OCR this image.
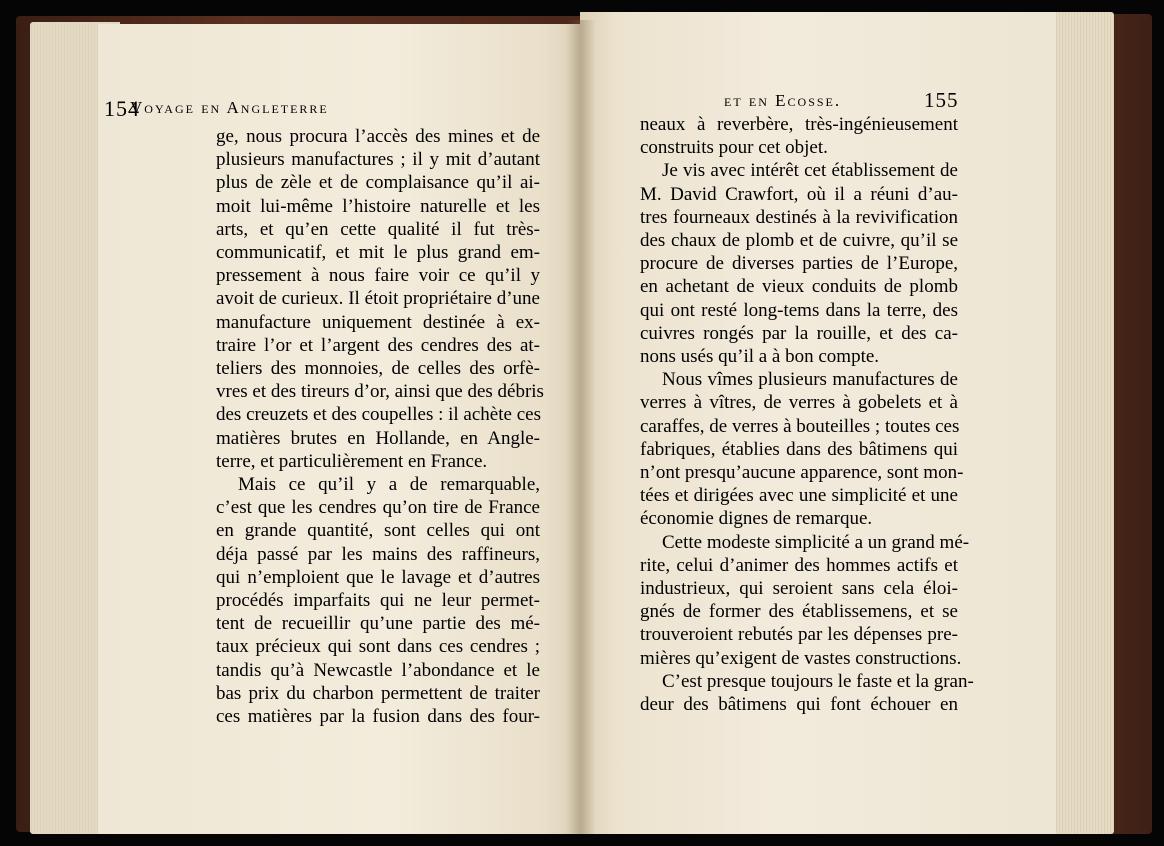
154
Voyage en Angleterre	et en Ecosse.	155
ge, nous procura l’accès des mines et de
plusieurs manufactures ; il y mit d’autant
plus de zèle et de complaisance qu’il ai-
moit lui-même l’histoire naturelle et les
arts, et qu’en cette qualité il fut très-
communicatif, et mit le plus grand em-
pressement à nous faire voir ce qu’il y
avoit de curieux. Il étoit propriétaire d’une
manufacture uniquement destinée à ex-
traire l’or et l’argent des cendres des at-
teliers des monnoies, de celles des orfè-
vres et des tireurs d’or, ainsi que des débris
des creuzets et des coupelles : il achète ces
matières brutes en Hollande, en Angle-
terre, et particulièrement en France.
Mais ce qu’il y a de remarquable,
c’est que les cendres qu’on tire de France
en grande quantité, sont celles qui ont
déja passé par les mains des raffineurs,
qui n’emploient que le lavage et d’autres
procédés imparfaits qui ne leur permet-
tent de recueillir qu’une partie des mé-
taux précieux qui sont dans ces cendres ;
tandis qu’à Newcastle l’abondance et le
bas prix du charbon permettent de traiter
ces matières par la fusion dans des four-
neaux à reverbère, très-ingénieusement
construits pour cet objet.
Je vis avec intérêt cet établissement de
M. David Crawfort, où il a réuni d’au-
tres fourneaux destinés à la revivification
des chaux de plomb et de cuivre, qu’il se
procure de diverses parties de l’Europe,
en achetant de vieux conduits de plomb
qui ont resté long-tems dans la terre, des
cuivres rongés par la rouille, et des ca-
nons usés qu’il a à bon compte.
Nous vîmes plusieurs manufactures de
verres à vîtres, de verres à gobelets et à
caraffes, de verres à bouteilles ; toutes ces
fabriques, établies dans des bâtimens qui
n’ont presqu’aucune apparence, sont mon-
tées et dirigées avec une simplicité et une
économie dignes de remarque.
Cette modeste simplicité a un grand mé-
rite, celui d’animer des hommes actifs et
industrieux, qui seroient sans cela éloi-
gnés de former des établissemens, et se
trouveroient rebutés par les dépenses pre-
mières qu’exigent de vastes constructions.
C’est presque toujours le faste et la gran-
deur des bâtimens qui font échouer en
